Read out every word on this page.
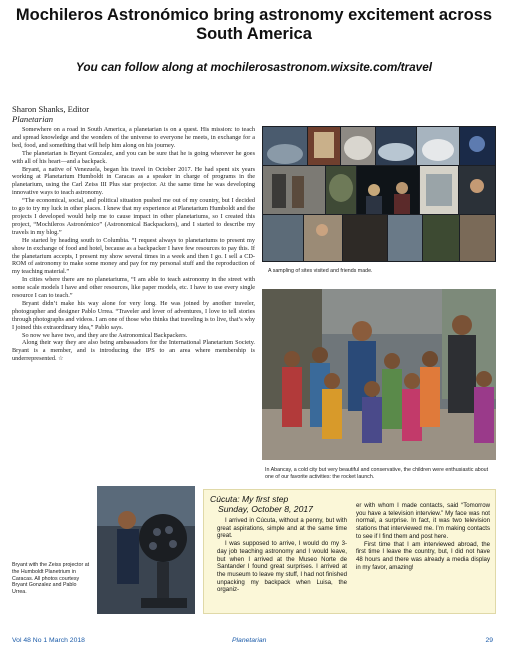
Mochileros Astronómico bring astronomy excitement across South America
You can follow along at mochilerosastronom.wixsite.com/travel
Sharon Shanks, Editor
Planetarian

Somewhere on a road in South America, a planetarian is on a quest. His mission: to teach and spread knowledge and the wonders of the universe to everyone he meets, in exchange for a bed, food, and something that will help him along on his journey.

The planetarian is Bryant Gonzalez, and you can be sure that he is going wherever he goes with all of his heart—and a backpack.

Bryant, a native of Venezuela, began his travel in October 2017. He had spent six years working at Planetarium Humboldt in Caracas as a speaker in charge of programs in the planetarium, using the Carl Zeiss III Plus star projector. At the same time he was developing innovative ways to teach astronomy.

“The economical, social, and political situation pushed me out of my country, but I decided to go to try my luck in other places. I knew that my experience at Planetarium Humboldt and the projects I developed would help me to cause impact in other planetariums, so I created this project, “Mochileros Astronómico” (Astronomical Backpackers), and I started to describe my travels in my blog.”

He started by heading south to Columbia. “I request always to planetariums to present my show in exchange of food and hotel, because as a backpacker I have few resources to pay this. If the planetarium accepts, I present my show several times in a week and then I go. I sell a CD-ROM of astronomy to make some money and pay for my personal stuff and the reproduction of my teaching material.”

In cities where there are no planetariums, “I am able to teach astronomy in the street with some scale models I have and other resources, like paper models, etc. I have to use every single resource I can to teach.”

Bryant didn’t make his way alone for very long. He was joined by another traveler, photographer and designer Pablo Urrea. “Traveler and lover of adventures, I love to tell stories through photographs and videos. I am one of those who thinks that traveling is to live, that’s why I joined this extraordinary idea,” Pablo says.

So now we have two, and they are the Astronomical Backpackers.

Along their way they are also being ambassadors for the International Planetarium Society. Bryant is a member, and is introducing the IPS to an area where membership is underrepresented. ☆

A sampling of sites visited and friends made.
In Abancay, a cold city but very beautiful and conservative, the children were enthusiastic about one of our favorite activities: the rocket launch.
Bryant with the Zeiss projector at the Humboldt Planetrium in Caracas. All photos courtesy Bryant Gonzalez and Pablo Urrea.
Cúcuta: My first step
Sunday, October 8, 2017

I arrived in Cúcuta, without a penny, but with great aspirations, simple and at the same time great.

I was supposed to arrive, I would do my 3-day job teaching astronomy and I would leave, but when I arrived at the Museo Norte de Santander I found great surprises. I arrived at the museum to leave my stuff, I had not finished unpacking my backpack when Luisa, the organiz-

er with whom I made contacts, said “Tomorrow you have a television interview.” My face was not normal, a surprise. In fact, it was two television stations that interviewed me. I’m making contacts to see if I find them and post here.

First time that I am interviewed abroad, the first time I leave the country, but, I did not have 48 hours and there was already a media display in my favor, amazing!

Vol 48 No 1 March 2018	Planetarian	29
